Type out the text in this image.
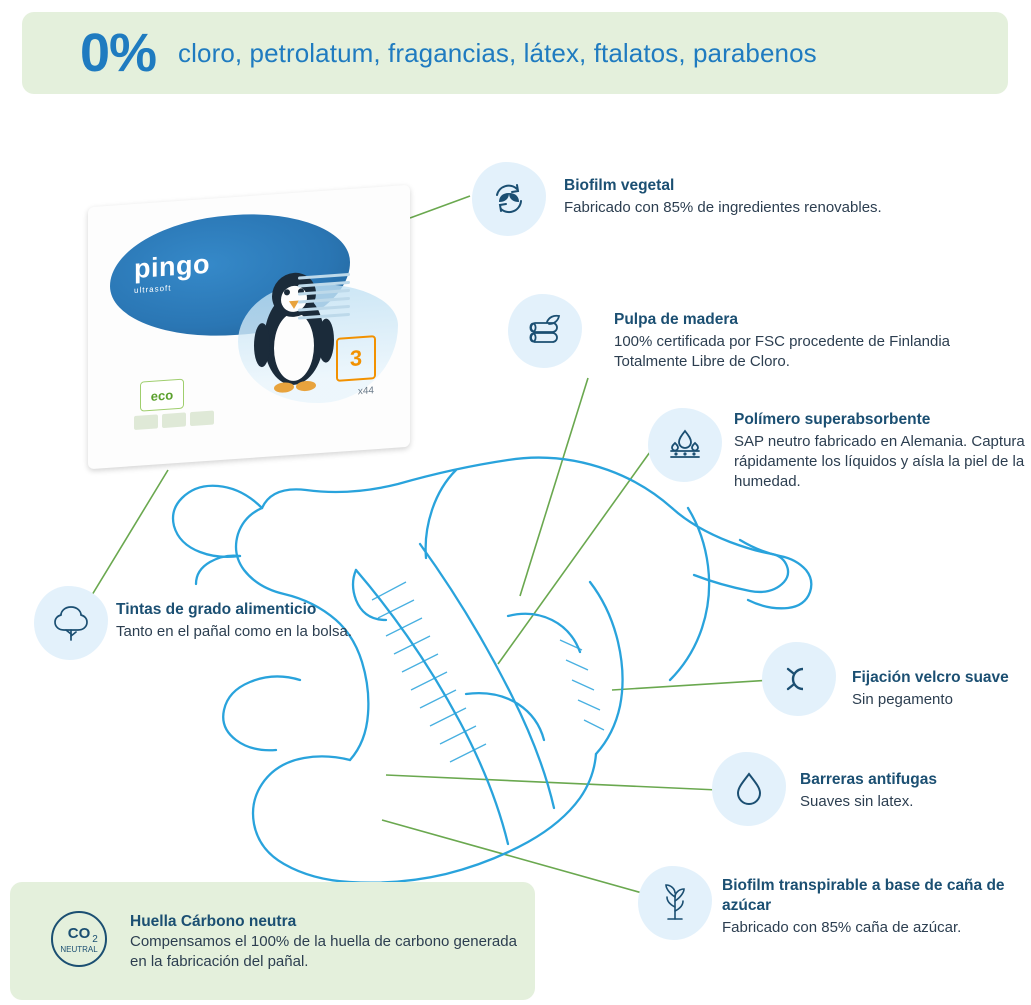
0% cloro, petrolatum, fragancias, látex, ftalatos, parabenos
pingo
ultrasoft
eco
3
x44
Biofilm vegetal
Fabricado con 85% de ingredientes renovables.
Pulpa de madera
100% certificada por FSC procedente de Finlandia Totalmente Libre de Cloro.
Polímero superabsorbente
SAP neutro fabricado en Alemania. Captura rápidamente los líquidos y aísla la piel de la humedad.
Tintas de grado alimenticio
Tanto en el pañal como en la bolsa.
Fijación velcro suave
Sin pegamento
Barreras antifugas
Suaves sin latex.
Biofilm transpirable a base de caña de azúcar
Fabricado con 85% caña de azúcar.
CO 2
NEUTRAL
Huella Cárbono neutra
Compensamos el 100% de la huella de carbono generada en la fabricación del pañal.
